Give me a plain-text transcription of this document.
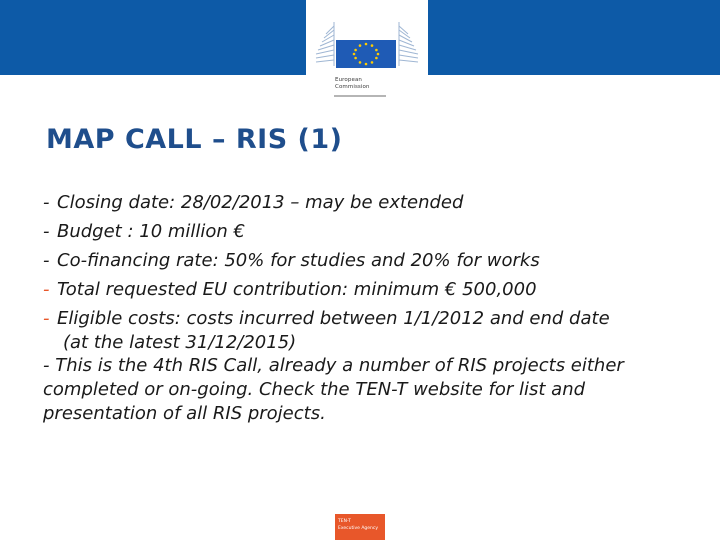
European
Commission
MAP CALL – RIS (1)
- Closing date: 28/02/2013 – may be extended
- Budget : 10 million €
- Co-financing rate: 50% for studies and 20% for works
- Total requested EU contribution: minimum € 500,000
- Eligible costs: costs incurred between 1/1/2012 and end date
(at the latest 31/12/2015)
- This is the 4th RIS Call, already a number of RIS projects either completed or on-going. Check the TEN-T website for list and presentation of all RIS projects.
TEN-T
Executive Agency
